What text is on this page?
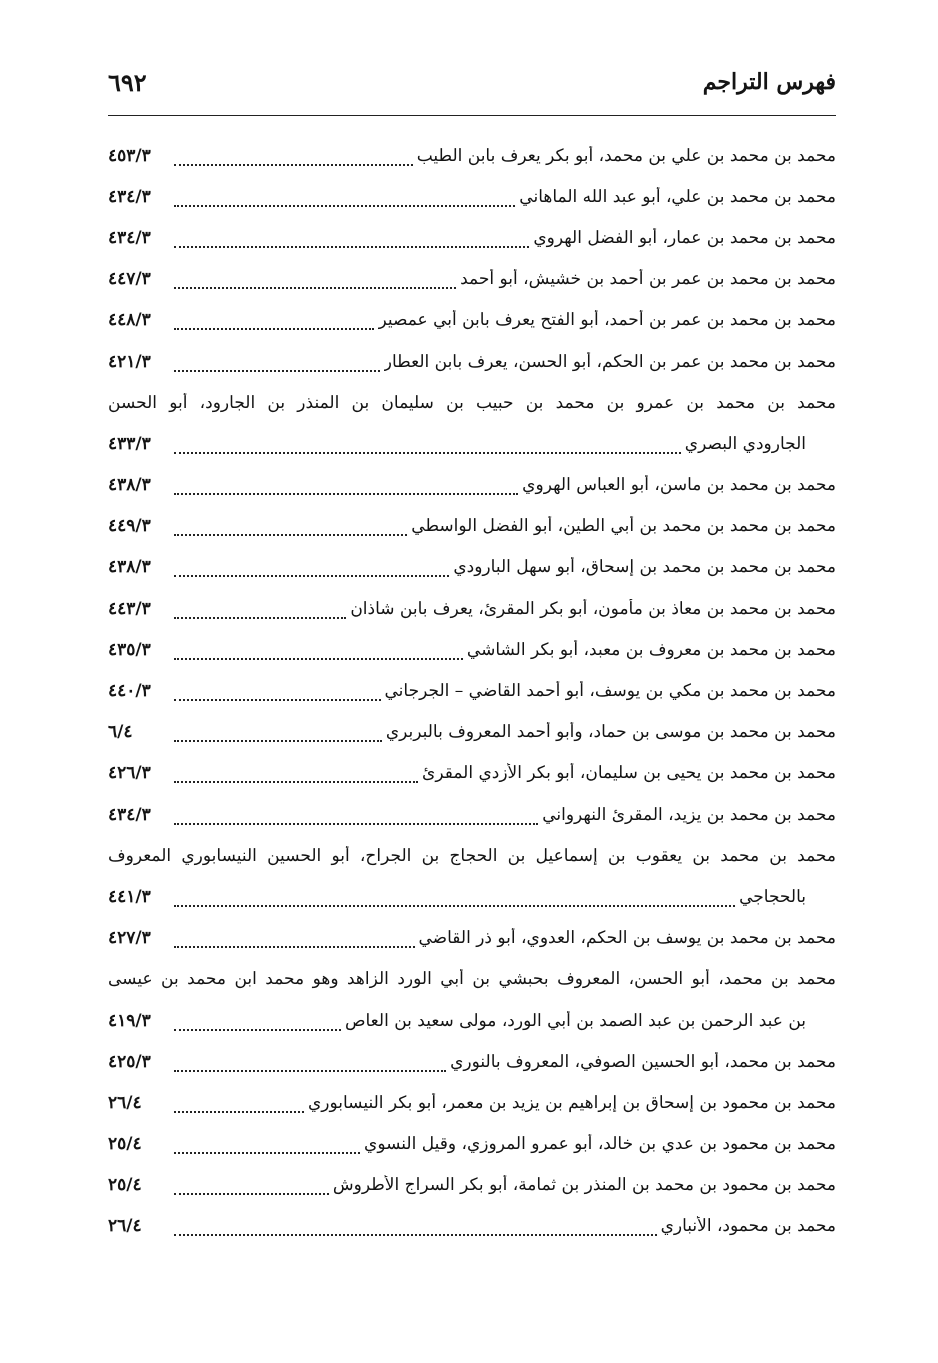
فهرس التراجم
٦٩٢
محمد بن محمد بن علي بن محمد، أبو بكر يعرف بابن الطيب
٤٥٣/٣
محمد بن محمد بن علي، أبو عبد الله الماهاني
٤٣٤/٣
محمد بن محمد بن عمار، أبو الفضل الهروي
٤٣٤/٣
محمد بن محمد بن عمر بن أحمد بن خشيش، أبو أحمد
٤٤٧/٣
محمد بن محمد بن عمر بن أحمد، أبو الفتح يعرف بابن أبي عمصير
٤٤٨/٣
محمد بن محمد بن عمر بن الحكم، أبو الحسن، يعرف بابن العطار
٤٢١/٣
محمد بن محمد بن عمرو بن محمد بن حبيب بن سليمان بن المنذر بن الجارود، أبو الحسن
الجارودي البصري
٤٣٣/٣
محمد بن محمد بن ماسن، أبو العباس الهروي
٤٣٨/٣
محمد بن محمد بن محمد بن أبي الطين، أبو الفضل الواسطي
٤٤٩/٣
محمد بن محمد بن محمد بن إسحاق، أبو سهل البارودي
٤٣٨/٣
محمد بن محمد بن معاذ بن مأمون، أبو بكر المقرئ، يعرف بابن شاذان
٤٤٣/٣
محمد بن محمد بن معروف بن معبد، أبو بكر الشاشي
٤٣٥/٣
محمد بن محمد بن مكي بن يوسف، أبو أحمد القاضي – الجرجاني
٤٤٠/٣
محمد بن محمد بن موسى بن حماد، وأبو أحمد المعروف بالبربري
٦/٤
محمد بن محمد بن يحيى بن سليمان، أبو بكر الأزدي المقرئ
٤٢٦/٣
محمد بن محمد بن يزيد، المقرئ النهرواني
٤٣٤/٣
محمد بن محمد بن يعقوب بن إسماعيل بن الحجاج بن الجراح، أبو الحسين النيسابوري المعروف
بالحجاجي
٤٤١/٣
محمد بن محمد بن يوسف بن الحكم، العدوي، أبو ذر القاضي
٤٢٧/٣
محمد بن محمد، أبو الحسن، المعروف بحبشي بن أبي الورد الزاهد وهو محمد ابن محمد بن عيسى
بن عبد الرحمن بن عبد الصمد بن أبي الورد، مولى سعيد بن العاص
٤١٩/٣
محمد بن محمد، أبو الحسين الصوفي، المعروف بالنوري
٤٢٥/٣
محمد بن محمود بن إسحاق بن إبراهيم بن يزيد بن معمر، أبو بكر النيسابوري
٢٦/٤
محمد بن محمود بن عدي بن خالد، أبو عمرو المروزي، وقيل النسوي
٢٥/٤
محمد بن محمود بن محمد بن المنذر بن ثمامة، أبو بكر السراج الأطروش
٢٥/٤
محمد بن محمود، الأنباري
٢٦/٤
